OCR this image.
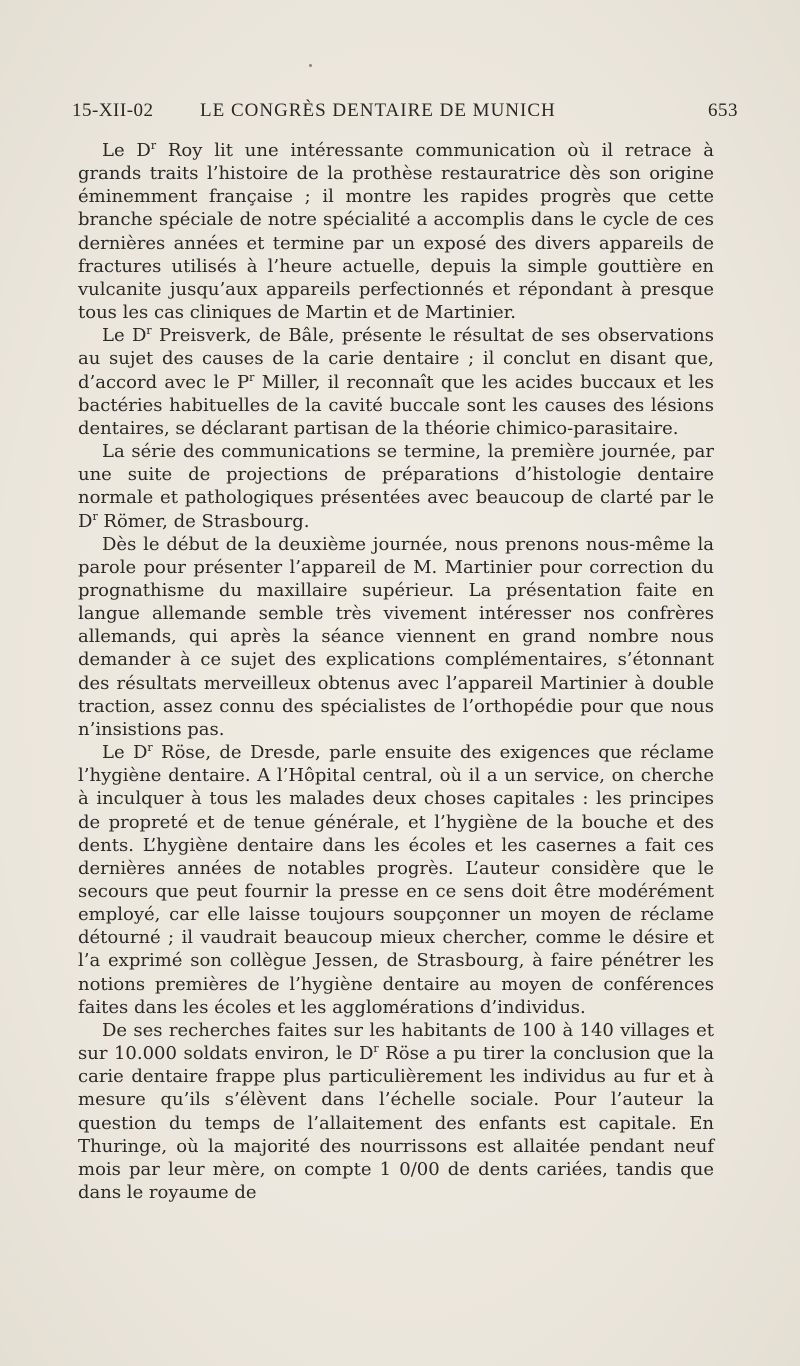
15-XII-02 LE CONGRÈS DENTAIRE DE MUNICH	653

Le $D^r$ Roy lit une intéressante communication où il retrace à grands traits l’histoire de la prothèse restauratrice dès son origine éminemment française ; il montre les rapides progrès que cette branche spéciale de notre spécialité a accomplis dans le cycle de ces dernières années et termine par un exposé des divers appareils de fractures utilisés à l’heure actuelle, depuis la simple gouttière en vulcanite jusqu’aux appareils perfectionnés et répondant à presque tous les cas cliniques de Martin et de Martinier.

Le $D^r$ Preisverk, de Bâle, présente le résultat de ses observations au sujet des causes de la carie dentaire ; il conclut en disant que, d’accord avec le $P^r$ Miller, il reconnaît que les acides buccaux et les bactéries habituelles de la cavité buccale sont les causes des lésions dentaires, se déclarant partisan de la théorie chimico-parasitaire.

La série des communications se termine, la première journée, par une suite de projections de préparations d’histologie dentaire normale et pathologiques présentées avec beaucoup de clarté par le $D^r$ Römer, de Strasbourg.

Dès le début de la deuxième journée, nous prenons nous-même la parole pour présenter l’appareil de M. Martinier pour correction du prognathisme du maxillaire supérieur. La présentation faite en langue allemande semble très vivement intéresser nos confrères allemands, qui après la séance viennent en grand nombre nous demander à ce sujet des explications complémentaires, s’étonnant des résultats merveilleux obtenus avec l’appareil Martinier à double traction, assez connu des spécialistes de l’orthopédie pour que nous n’insistions pas.

Le $D^r$ Röse, de Dresde, parle ensuite des exigences que réclame l’hygiène dentaire. A l’Hôpital central, où il a un service, on cherche à inculquer à tous les malades deux choses capitales : les principes de propreté et de tenue générale, et l’hygiène de la bouche et des dents. L’hygiène dentaire dans les écoles et les casernes a fait ces dernières années de notables progrès. L’auteur considère que le secours que peut fournir la presse en ce sens doit être modérément employé, car elle laisse toujours soupçonner un moyen de réclame détourné ; il vaudrait beaucoup mieux chercher, comme le désire et l’a exprimé son collègue Jessen, de Strasbourg, à faire pénétrer les notions premières de l’hygiène dentaire au moyen de conférences faites dans les écoles et les agglomérations d’individus.

De ses recherches faites sur les habitants de 100 à 140 villages et sur 10.000 soldats environ, le $D^r$ Röse a pu tirer la conclusion que la carie dentaire frappe plus particulièrement les individus au fur et à mesure qu’ils s’élèvent dans l’échelle sociale. Pour l’auteur la question du temps de l’allaitement des enfants est capitale. En Thuringe, où la majorité des nourrissons est allaitée pendant neuf mois par leur mère, on compte 1 0/00 de dents cariées, tandis que dans le royaume de
